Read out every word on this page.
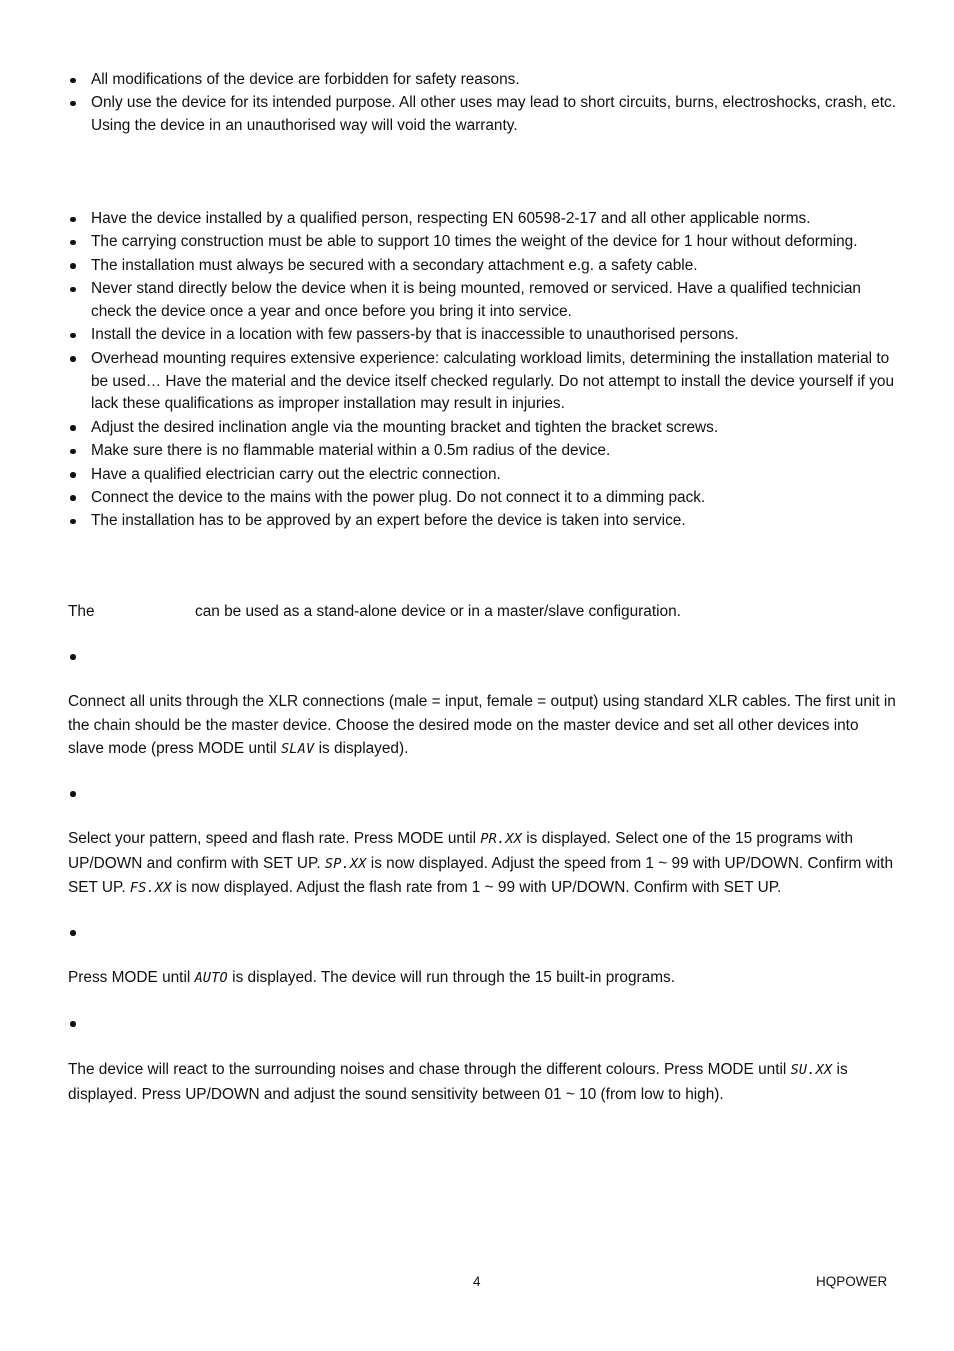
All modifications of the device are forbidden for safety reasons.
Only use the device for its intended purpose. All other uses may lead to short circuits, burns, electroshocks, crash, etc. Using the device in an unauthorised way will void the warranty.
Have the device installed by a qualified person, respecting EN 60598-2-17 and all other applicable norms.
The carrying construction must be able to support 10 times the weight of the device for 1 hour without deforming.
The installation must always be secured with a secondary attachment e.g. a safety cable.
Never stand directly below the device when it is being mounted, removed or serviced. Have a qualified technician check the device once a year and once before you bring it into service.
Install the device in a location with few passers-by that is inaccessible to unauthorised persons.
Overhead mounting requires extensive experience: calculating workload limits, determining the installation material to be used… Have the material and the device itself checked regularly. Do not attempt to install the device yourself if you lack these qualifications as improper installation may result in injuries.
Adjust the desired inclination angle via the mounting bracket and tighten the bracket screws.
Make sure there is no flammable material within a 0.5m radius of the device.
Have a qualified electrician carry out the electric connection.
Connect the device to the mains with the power plug. Do not connect it to a dimming pack.
The installation has to be approved by an expert before the device is taken into service.
The	can be used as a stand-alone device or in a master/slave configuration.

Connect all units through the XLR connections (male = input, female = output) using standard XLR cables. The first unit in the chain should be the master device. Choose the desired mode on the master device and set all other devices into slave mode (press MODE until SLAV is displayed).

Select your pattern, speed and flash rate. Press MODE until PR.XX is displayed. Select one of the 15 programs with UP/DOWN and confirm with SET UP. SP.XX is now displayed. Adjust the speed from 1 ~ 99 with UP/DOWN. Confirm with SET UP. FS.XX is now displayed. Adjust the flash rate from 1 ~ 99 with UP/DOWN. Confirm with SET UP.

Press MODE until AUTO is displayed. The device will run through the 15 built-in programs.

The device will react to the surrounding noises and chase through the different colours. Press MODE until SU.XX is displayed. Press UP/DOWN and adjust the sound sensitivity between 01 ~ 10 (from low to high).

4	HQPOWER
